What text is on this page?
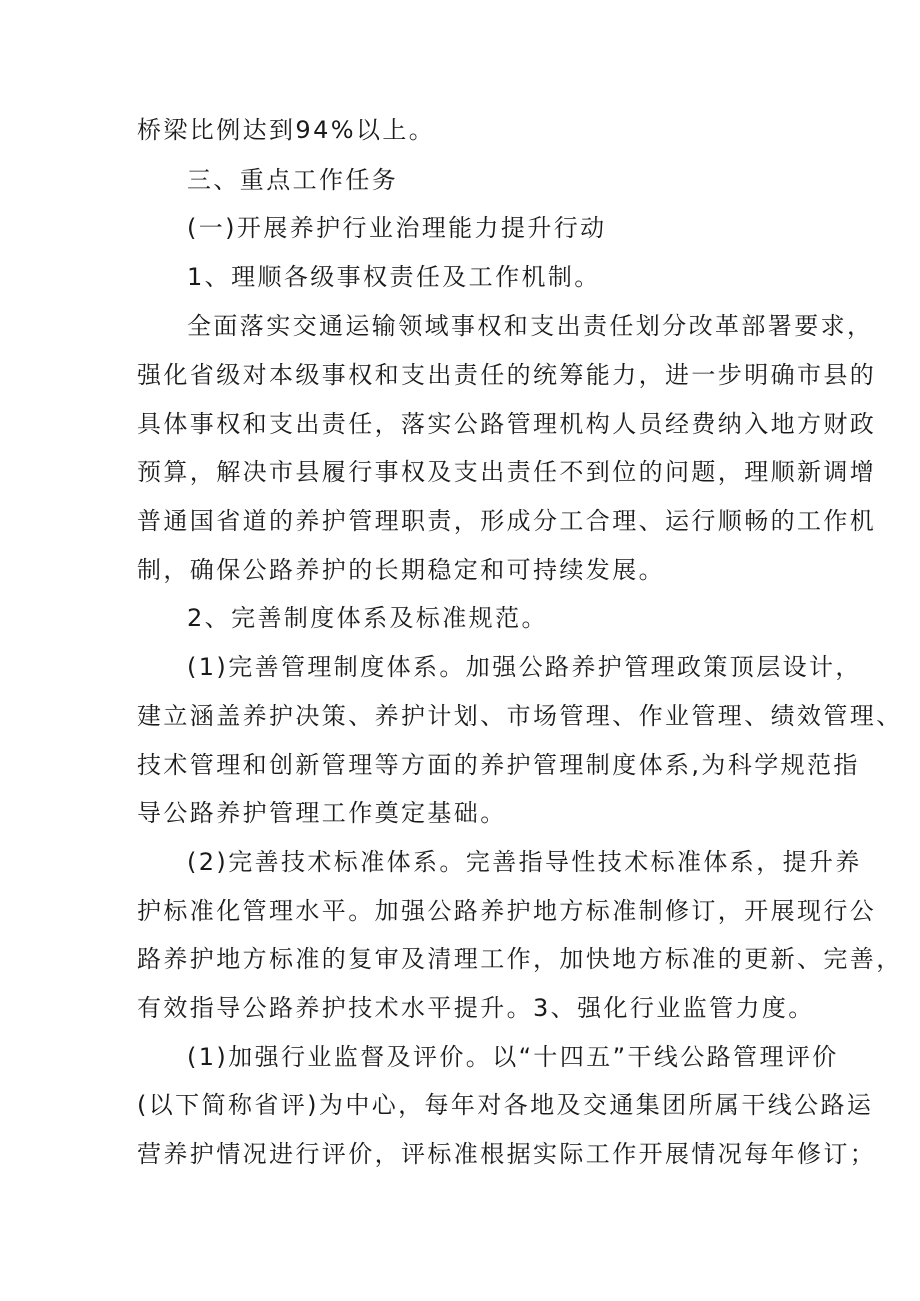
桥梁比例达到94%以上。
三、重点工作任务
(一)开展养护行业治理能力提升行动
1、理顺各级事权责任及工作机制。
全面落实交通运输领域事权和支出责任划分改革部署要求，
强化省级对本级事权和支出责任的统筹能力，进一步明确市县的
具体事权和支出责任，落实公路管理机构人员经费纳入地方财政
预算，解决市县履行事权及支出责任不到位的问题，理顺新调增
普通国省道的养护管理职责，形成分工合理、运行顺畅的工作机
制，确保公路养护的长期稳定和可持续发展。
2、完善制度体系及标准规范。
(1)完善管理制度体系。加强公路养护管理政策顶层设计，
建立涵盖养护决策、养护计划、市场管理、作业管理、绩效管理、
技术管理和创新管理等方面的养护管理制度体系,为科学规范指
导公路养护管理工作奠定基础。
(2)完善技术标准体系。完善指导性技术标准体系，提升养
护标准化管理水平。加强公路养护地方标准制修订，开展现行公
路养护地方标准的复审及清理工作，加快地方标准的更新、完善，
有效指导公路养护技术水平提升。3、强化行业监管力度。
(1)加强行业监督及评价。以“十四五”干线公路管理评价
(以下简称省评)为中心，每年对各地及交通集团所属干线公路运
营养护情况进行评价，评标准根据实际工作开展情况每年修订；
